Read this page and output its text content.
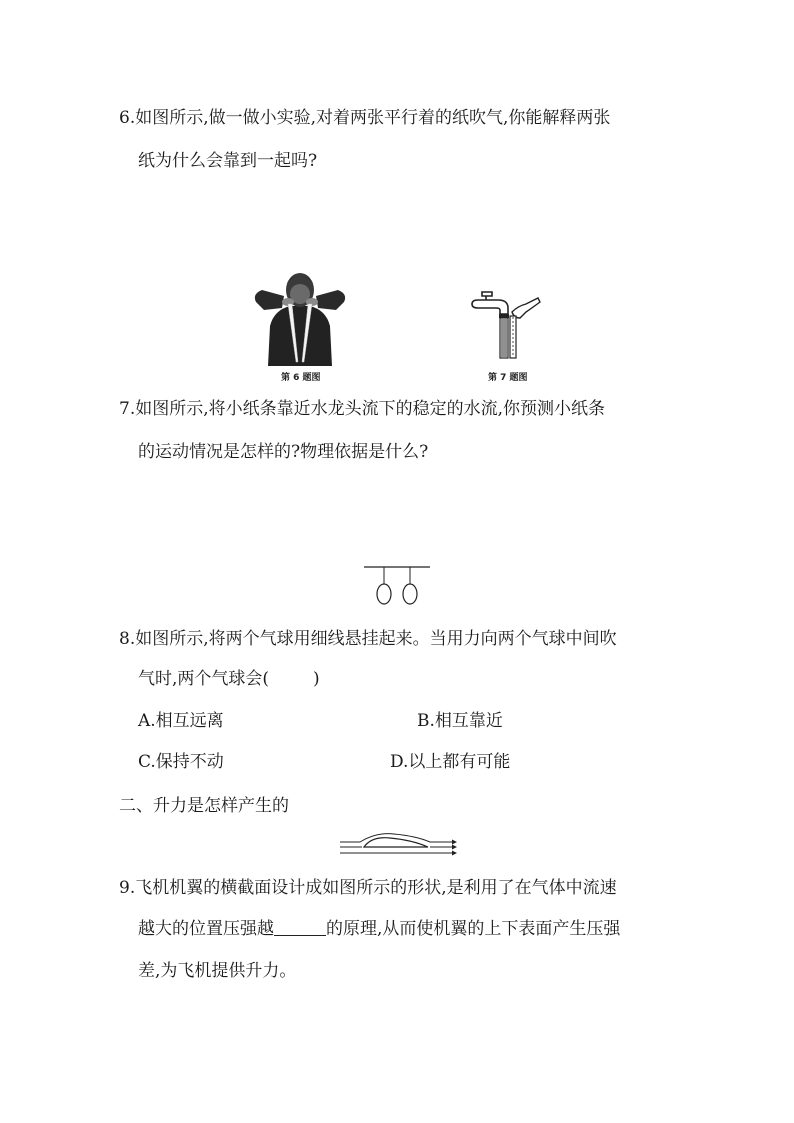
6.如图所示,做一做小实验,对着两张平行着的纸吹气,你能解释两张
纸为什么会靠到一起吗?
第 6 题图	第 7 题图
7.如图所示,将小纸条靠近水龙头流下的稳定的水流,你预测小纸条
的运动情况是怎样的?物理依据是什么?
8.如图所示,将两个气球用细线悬挂起来。当用力向两个气球中间吹
气时,两个气球会(	)
A.相互远离	B.相互靠近
C.保持不动	D.以上都有可能
二、升力是怎样产生的
9.飞机机翼的横截面设计成如图所示的形状,是利用了在气体中流速
越大的位置压强越	的原理,从而使机翼的上下表面产生压强
差,为飞机提供升力。
